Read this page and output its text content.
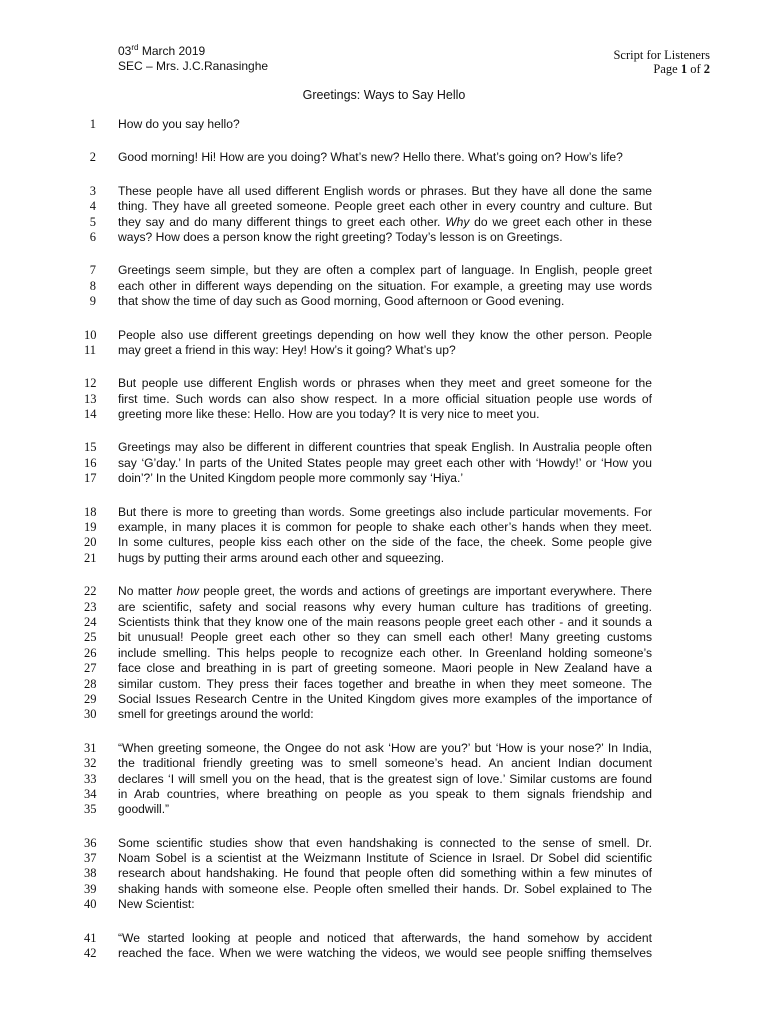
03rd March 2019
SEC – Mrs. J.C.Ranasinghe
Script for Listeners
Page 1 of 2
Greetings: Ways to Say Hello
1 How do you say hello?
2 Good morning! Hi! How are you doing? What’s new? Hello there. What’s going on? How’s life?
3 These people have all used different English words or phrases. But they have all done the same
4 thing. They have all greeted someone. People greet each other in every country and culture. But
5 they say and do many different things to greet each other. Why do we greet each other in these
6 ways? How does a person know the right greeting? Today’s lesson is on Greetings.
7 Greetings seem simple, but they are often a complex part of language. In English, people greet
8 each other in different ways depending on the situation. For example, a greeting may use words
9 that show the time of day such as Good morning, Good afternoon or Good evening.
10 People also use different greetings depending on how well they know the other person. People
11 may greet a friend in this way: Hey! How’s it going? What’s up?
12 But people use different English words or phrases when they meet and greet someone for the
13 first time. Such words can also show respect. In a more official situation people use words of
14 greeting more like these: Hello. How are you today? It is very nice to meet you.
15 Greetings may also be different in different countries that speak English. In Australia people often
16 say ‘G’day.’ In parts of the United States people may greet each other with ‘Howdy!’ or ‘How you
17 doin’?’ In the United Kingdom people more commonly say ‘Hiya.’
18 But there is more to greeting than words. Some greetings also include particular movements. For
19 example, in many places it is common for people to shake each other’s hands when they meet.
20 In some cultures, people kiss each other on the side of the face, the cheek. Some people give
21 hugs by putting their arms around each other and squeezing.
22 No matter how people greet, the words and actions of greetings are important everywhere. There
23 are scientific, safety and social reasons why every human culture has traditions of greeting.
24 Scientists think that they know one of the main reasons people greet each other - and it sounds a
25 bit unusual! People greet each other so they can smell each other! Many greeting customs
26 include smelling. This helps people to recognize each other. In Greenland holding someone’s
27 face close and breathing in is part of greeting someone. Maori people in New Zealand have a
28 similar custom. They press their faces together and breathe in when they meet someone. The
29 Social Issues Research Centre in the United Kingdom gives more examples of the importance of
30 smell for greetings around the world:
31 “When greeting someone, the Ongee do not ask ‘How are you?’ but ‘How is your nose?’ In India,
32 the traditional friendly greeting was to smell someone’s head. An ancient Indian document
33 declares ‘I will smell you on the head, that is the greatest sign of love.’ Similar customs are found
34 in Arab countries, where breathing on people as you speak to them signals friendship and
35 goodwill.”
36 Some scientific studies show that even handshaking is connected to the sense of smell. Dr.
37 Noam Sobel is a scientist at the Weizmann Institute of Science in Israel. Dr Sobel did scientific
38 research about handshaking. He found that people often did something within a few minutes of
39 shaking hands with someone else. People often smelled their hands. Dr. Sobel explained to The
40 New Scientist:
41 “We started looking at people and noticed that afterwards, the hand somehow by accident
42 reached the face. When we were watching the videos, we would see people sniffing themselves
